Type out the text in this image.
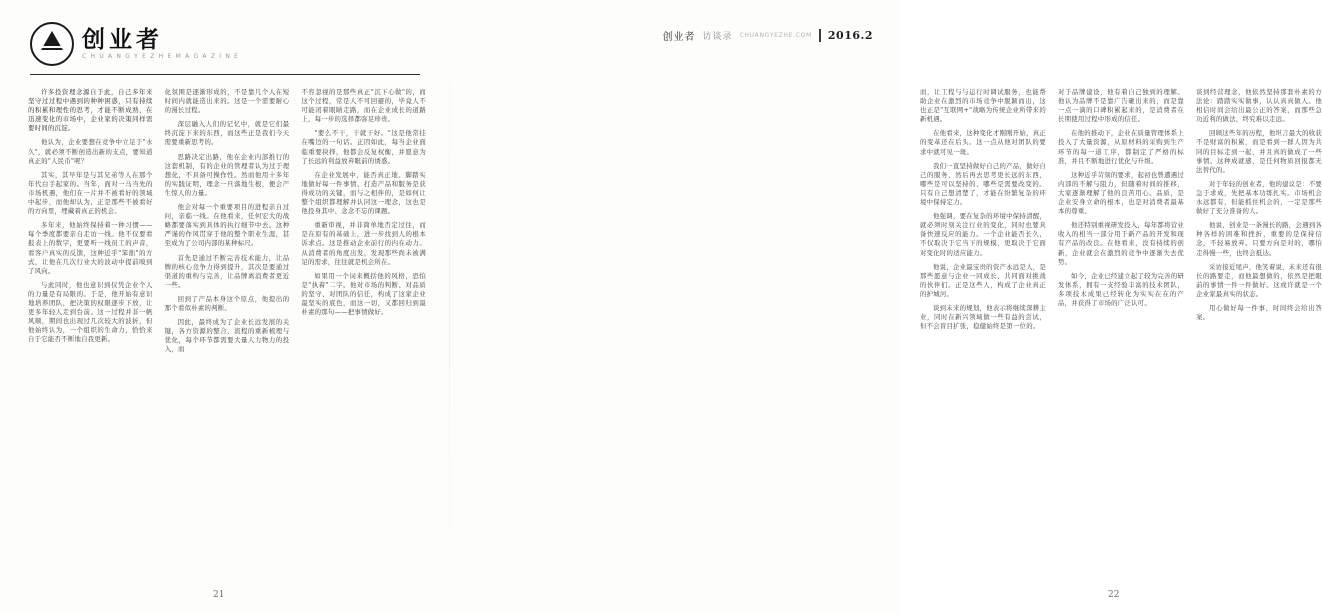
创业者
C H U A N G Y E Z H E M A G A Z I N E

许多投资理念源自于此，自己多年来坚守过过程中遇到的种种困惑，只有持续的积累和理性的思考，才能不断成熟，在迅速变化的市场中，企业家的决策同样需要时间的沉淀。

他认为，企业要想在竞争中立足于"水久"，就必须不断创造出新的支点，要知道真正的"人民币"呢？

其实，其早年是与其兄弟等人在那个年代白手起家的。当年，面对一马当先的市场机遇，他们在一片并不被看好的领域中起步，而他却认为，正是那些不被看好的方向里，埋藏着真正的机会。

多年来，他始终保持着一种习惯——每个季度都要亲自走访一线。他不仅要看报表上的数字，更要听一线员工的声音，看客户真实的反馈，这种近乎"笨拙"的方式，让他在几次行业大的波动中提前嗅到了风向。

与此同时，他也意识到仅凭企业个人的力量是有局限的。于是，他开始有意识地培养团队，把决策的权限逐步下放，让更多年轻人走到台前。这一过程并非一帆风顺，期间也出现过几次较大的波折，但他始终认为，一个组织的生命力，恰恰来自于它能否不断地自我更新。

化氛围是逐渐形成的，不是靠几个人在短时间内就能造出来的。这是一个需要耐心的漫长过程。

深层融入人们的记忆中，就是它们最终沉淀下来的东西，而这些正是我们今天需要重新思考的。

思路决定出路，他在企业内部推行的这套机制，有的企业的管理者认为过于理想化，不具备可操作性。然而他用十多年的实践证明，理念一旦落地生根，便会产生惊人的力量。

他会对每一个重要项目的进程亲自过问，亲临一线。在他看来，任何宏大的战略都要落实到具体的执行细节中去。这种严谨的作风贯穿于他的整个职业生涯，甚至成为了公司内部的某种标尺。

首先是通过不断完善技术能力，让品牌的核心竞争力得到提升，其次是要通过渠道的重构与完善，让品牌离消费者更近一些。

回到了产品本身这个原点，他提出的那个看似朴素的判断。

因此，最终成为了企业长远发展的关键，各方资源的整合、流程的重新梳理与优化，每个环节都需要大量人力物力的投入，而

不容忽视的是那些真正"沉下心做"的，而这个过程，常是人不可回避的，毕竟人不可能闭着眼睛走路，而在企业成长的道路上，每一步的选择都弥足珍贵。

"要么不干，干就干好。"这是他常挂在嘴边的一句话。正因如此，每当企业面临重要抉择，他都会反复权衡，并愿意为了长远的利益放弃眼前的诱惑。

在企业发展中，能否真正地、脚踏实地做好每一件事情、打造产品和服务是获得成功的关键，而与之相伴的，是如何让整个组织都理解并认同这一理念，这也是他投身其中、念念不忘的课题。

重新审视，并非简单地否定过往，而是在原有的基础上，进一步找到人的根本诉求点。这是推动企业前行的内在动力。从消费者的角度出发，发现那些尚未被满足的需求，往往就是机会所在。

如果用一个词来概括他的风格，恐怕是"执着"二字。他对市场的判断、对品质的坚守、对团队的信任，构成了这家企业最坚实的底色，而这一切，又都回归到最朴素的那句——把事情做好。

21
创业者 访谈录 CHUANGYEZHE.COM	2016.2

而，让工程与与运行时调试服务，也能帮助企业在激烈的市场竞争中脱颖而出，这也正是"互联网+"战略为传统企业所带来的新机遇。

在他看来，这种变化才刚刚开始，真正的变革还在后头。这一点从他对团队的要求中就可见一斑。

我们一直坚持做好自己的产品，做好自己的服务，然后再去思考更长远的东西，哪些是可以坚持的、哪些是需要改变的。只有自己想清楚了，才能在纷繁复杂的环境中保持定力。

他强调，要在复杂的环境中保持清醒，就必须时刻关注行业的变化，同时也要具备快速反应的能力。一个企业能否长久，不仅取决于它当下的规模，更取决于它面对变化时的适应能力。

他说，企业最宝贵的资产永远是人，是那些愿意与企业一同成长、共同面对挑战的伙伴们。正是这些人，构成了企业真正的护城河。

谈到未来的规划，他表示将继续深耕主业，同时在新兴领域做一些有益的尝试，但不会盲目扩张，稳健始终是第一位的。

对于品牌建设，他有着自己独到的理解。他认为品牌不是靠广告砸出来的，而是靠一点一滴的口碑积累起来的，是消费者在长期使用过程中形成的信任。

在他的推动下，企业在质量管理体系上投入了大量资源，从原材料的采购到生产环节的每一道工序，都制定了严格的标准，并且不断地进行优化与升级。

这种近乎苛刻的要求，起初也曾遭遇过内部的不解与阻力，但随着时间的推移，大家逐渐理解了他的良苦用心。品质，是企业安身立命的根本，也是对消费者最基本的尊重。

他还特别重视研发投入，每年都将营业收入的相当一部分用于新产品的开发和现有产品的改良。在他看来，没有持续的创新，企业就会在激烈的竞争中逐渐失去优势。

如今，企业已经建立起了较为完善的研发体系，拥有一支经验丰富的技术团队，多项技术成果已经转化为实实在在的产品，并获得了市场的广泛认可。

谈到经营理念，他依然坚持那套朴素的方法论：踏踏实实做事，认认真真做人。他相信时间会给出最公正的答案，而那些急功近利的做法，终究难以走远。

回顾这些年的历程，他坦言最大的收获不是财富的积累，而是看到一群人因为共同的目标走到一起，并且真的做成了一些事情。这种成就感，是任何物质回报都无法替代的。

对于年轻的创业者，他的建议是：不要急于求成，先把基本功练扎实。市场机会永远都有，但能抓住机会的，一定是那些做好了充分准备的人。

他说，创业是一条漫长的路，会遇到各种各样的困难和挫折，重要的是保持信念，不轻易放弃。只要方向是对的，哪怕走得慢一些，也终会抵达。

采访接近尾声，他笑着说，未来还有很长的路要走，而他最想做的，依然是把眼前的事情一件一件做好。这或许就是一个企业家最真实的状态。

用心做好每一件事，时间终会给出答案。

22
